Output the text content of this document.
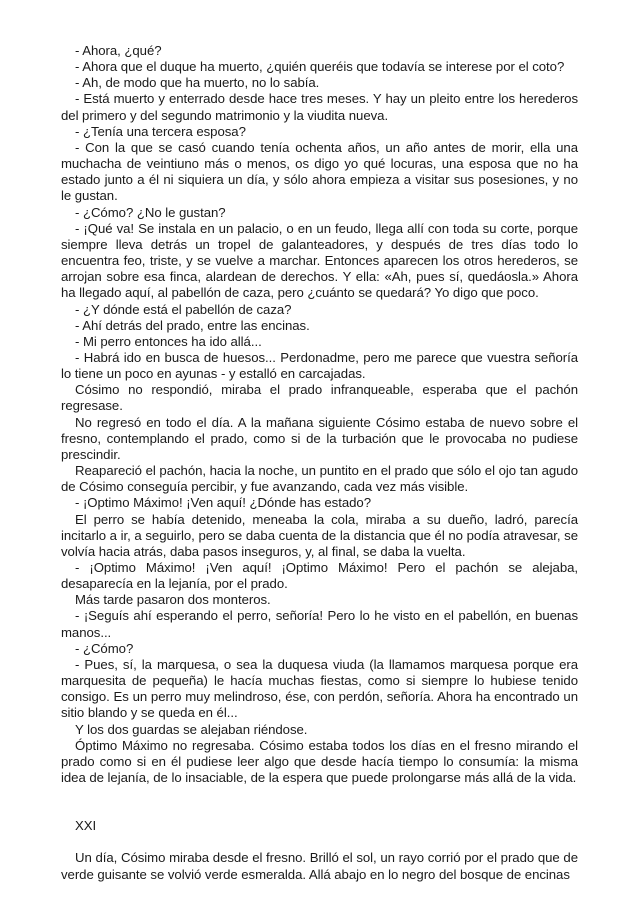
- Ahora, ¿qué?

- Ahora que el duque ha muerto, ¿quién queréis que todavía se interese por el coto?

- Ah, de modo que ha muerto, no lo sabía.

- Está muerto y enterrado desde hace tres meses. Y hay un pleito entre los herederos del primero y del segundo matrimonio y la viudita nueva.

- ¿Tenía una tercera esposa?

- Con la que se casó cuando tenía ochenta años, un año antes de morir, ella una muchacha de veintiuno más o menos, os digo yo qué locuras, una esposa que no ha estado junto a él ni siquiera un día, y sólo ahora empieza a visitar sus posesiones, y no le gustan.

- ¿Cómo? ¿No le gustan?

- ¡Qué va! Se instala en un palacio, o en un feudo, llega allí con toda su corte, porque siempre lleva detrás un tropel de galanteadores, y después de tres días todo lo encuentra feo, triste, y se vuelve a marchar. Entonces aparecen los otros herederos, se arrojan sobre esa finca, alardean de derechos. Y ella: «Ah, pues sí, quedáosla.» Ahora ha llegado aquí, al pabellón de caza, pero ¿cuánto se quedará? Yo digo que poco.

- ¿Y dónde está el pabellón de caza?

- Ahí detrás del prado, entre las encinas.

- Mi perro entonces ha ido allá...

- Habrá ido en busca de huesos... Perdonadme, pero me parece que vuestra señoría lo tiene un poco en ayunas - y estalló en carcajadas.

Cósimo no respondió, miraba el prado infranqueable, esperaba que el pachón regresase.

No regresó en todo el día. A la mañana siguiente Cósimo estaba de nuevo sobre el fresno, contemplando el prado, como si de la turbación que le provocaba no pudiese prescindir.

Reapareció el pachón, hacia la noche, un puntito en el prado que sólo el ojo tan agudo de Cósimo conseguía percibir, y fue avanzando, cada vez más visible.

- ¡Optimo Máximo! ¡Ven aquí! ¿Dónde has estado?

El perro se había detenido, meneaba la cola, miraba a su dueño, ladró, parecía incitarlo a ir, a seguirlo, pero se daba cuenta de la distancia que él no podía atravesar, se volvía hacia atrás, daba pasos inseguros, y, al final, se daba la vuelta.

- ¡Optimo Máximo! ¡Ven aquí! ¡Optimo Máximo! Pero el pachón se alejaba, desaparecía en la lejanía, por el prado.

Más tarde pasaron dos monteros.

- ¡Seguís ahí esperando el perro, señoría! Pero lo he visto en el pabellón, en buenas manos...

- ¿Cómo?

- Pues, sí, la marquesa, o sea la duquesa viuda (la llamamos marquesa porque era marquesita de pequeña) le hacía muchas fiestas, como si siempre lo hubiese tenido consigo. Es un perro muy melindroso, ése, con perdón, señoría. Ahora ha encontrado un sitio blando y se queda en él...

Y los dos guardas se alejaban riéndose.

Óptimo Máximo no regresaba. Cósimo estaba todos los días en el fresno mirando el prado como si en él pudiese leer algo que desde hacía tiempo lo consumía: la misma idea de lejanía, de lo insaciable, de la espera que puede prolongarse más allá de la vida.

XXI

Un día, Cósimo miraba desde el fresno. Brilló el sol, un rayo corrió por el prado que de verde guisante se volvió verde esmeralda. Allá abajo en lo negro del bosque de encinas
